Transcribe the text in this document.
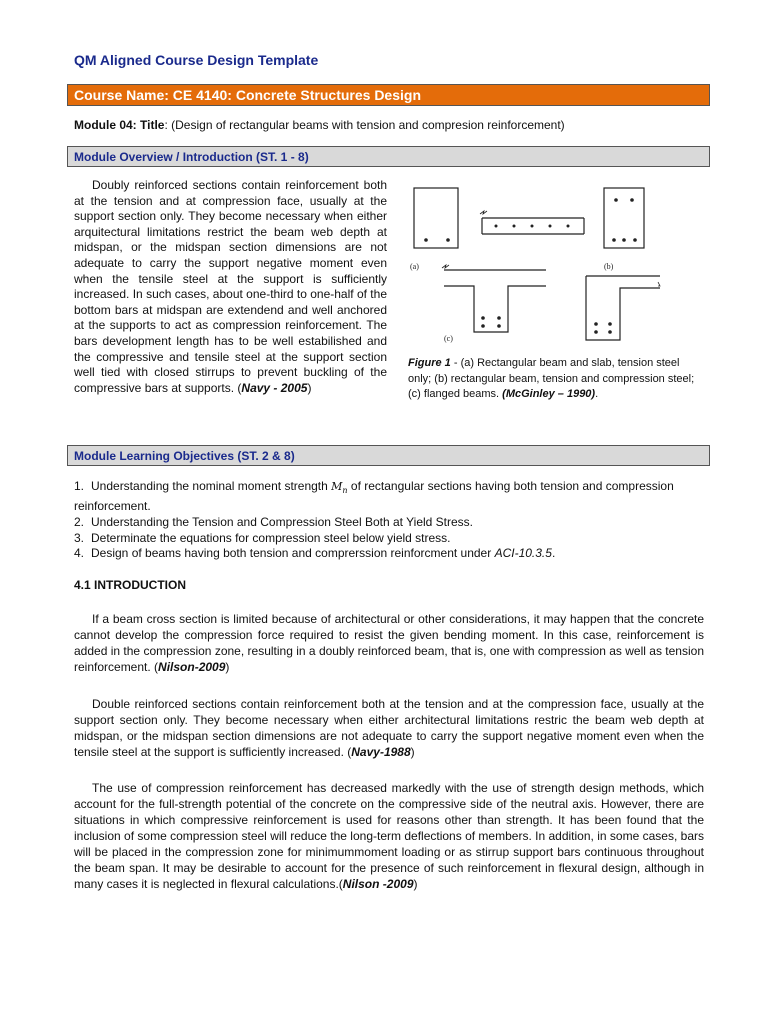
QM Aligned Course Design Template
Course Name: CE 4140: Concrete Structures Design
Module 04: Title: (Design of rectangular beams with tension and compresion reinforcement)
Module Overview / Introduction (ST. 1 - 8)

Doubly reinforced sections contain reinforcement both at the tension and at compression face, usually at the support section only. They become necessary when either arquitectural limitations restrict the beam web depth at midspan, or the midspan section dimensions are not adequate to carry the support negative moment even when the tensile steel at the support is sufficiently increased. In such cases, about one-third to one-half of the bottom bars at midspan are extendend and well anchored at the supports to act as compression reinforcement. The bars development length has to be well estabilished and the compressive and tensile steel at the support section well tied with closed stirrups to prevent buckling of the compressive bars at supports. (Navy - 2005)

(a)	(b)
(c)
Figure 1 - (a) Rectangular beam and slab, tension steel only; (b) rectangular beam, tension and compression steel; (c) flanged beams. (McGinley – 1990).
Module Learning Objectives (ST. 2 & 8)
1. Understanding the nominal moment strength $M_n$ of rectangular sections having both tension and compression reinforcement.
2. Understanding the Tension and Compression Steel Both at Yield Stress.
3. Determinate the equations for compression steel below yield stress.
4. Design of beams having both tension and comprerssion reinforcment under ACI-10.3.5.
4.1 INTRODUCTION

If a beam cross section is limited because of architectural or other considerations, it may happen that the concrete cannot develop the compression force required to resist the given bending moment. In this case, reinforcement is added in the compression zone, resulting in a doubly reinforced beam, that is, one with compression as well as tension reinforcement. (Nilson-2009)

Double reinforced sections contain reinforcement both at the tension and at the compression face, usually at the support section only. They become necessary when either architectural limitations restric the beam web depth at midspan, or the midspan section dimensions are not adequate to carry the support negative moment even when the tensile steel at the support is sufficiently increased. (Navy-1988)

The use of compression reinforcement has decreased markedly with the use of strength design methods, which account for the full-strength potential of the concrete on the compressive side of the neutral axis. However, there are situations in which compressive reinforcement is used for reasons other than strength. It has been found that the inclusion of some compression steel will reduce the long-term deflections of members. In addition, in some cases, bars will be placed in the compression zone for minimummoment loading or as stirrup support bars continuous throughout the beam span. It may be desirable to account for the presence of such reinforcement in flexural design, although in many cases it is neglected in flexural calculations.(Nilson -2009)
